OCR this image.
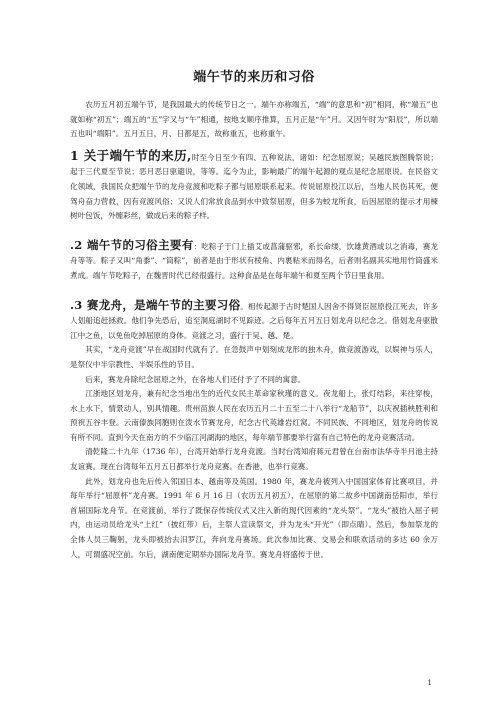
端午节的来历和习俗

农历五月初五端午节，是我国最大的传统节日之一。端午亦称端五，“端”的意思和“初”相同，称“端五”也就如称“初五”；端五的“五”字又与“午”相通，按地支顺序推算，五月正是“午”月。又因午时为“阳辰”，所以端五也叫“端阳”。五月五日，月、日都是五，故称重五，也称重午。

1 关于端午节的来历,时至今日至少有四、五种说法，诸如：纪念屈原说；吴越民族图腾祭说；起于三代夏至节说；恶月恶日驱避说，等等。迄今为止，影响最广的端午起源的观点是纪念屈原说。在民俗文化领域，我国民众把端午节的龙舟竞渡和吃粽子都与屈原联系起来。传说屈原投江以后，当地人民伤其死，便驾舟奋力营救，因有竞渡风俗；又说人们常放食品到水中致祭屈原，但多为蛟龙所食，后因屈原的提示才用楝树叶包饭，外缠彩丝，做成后来的粽子样。

.2 端午节的习俗主要有：吃粽子于门上插艾或菖蒲驱邪，系长命缕，饮雄黄酒或以之消毒，赛龙舟等等。粽子又叫“角黍”、“筒粽”，前者是由于形状有棱角、内裹粘米而得名，后者则名副其实地用竹筒盛米煮成。端午节吃粽子，在魏晋时代已经很盛行。这种食品是在每年端午和夏至两个节日里食用。

.3 赛龙舟，是端午节的主要习俗。相传起源于古时楚国人因舍不得贤臣屈原投江死去，许多人划船追赶拯救。他们争先恐后，追至洞庭湖时不见踪迹。之后每年五月五日划龙舟以纪念之。借划龙舟驱散江中之鱼，以免鱼吃掉屈原的身体。竞渡之习，盛行于吴、越、楚。

其实，“龙舟竞渡”早在战国时代就有了。在急鼓声中划刻成龙形的独木舟，做竞渡游戏，以娱神与乐人，是祭仪中半宗教性、半娱乐性的节目。

后来，赛龙舟除纪念屈原之外，在各地人们还付予了不同的寓意。

江浙地区划龙舟，兼有纪念当地出生的近代女民主革命家秋瑾的意义。夜龙船上，张灯结彩，来往穿梭，水上水下，情景动人，别具情趣。贵州苗族人民在农历五月二十五至二十八举行“龙船节”，以庆祝插秧胜利和预祝五谷丰登。云南傣族同胞则在泼水节赛龙舟，纪念古代英雄岩红窝。不同民族、不同地区，划龙舟的传说有所不同。直到今天在南方的不少临江河湖海的地区，每年端节都要举行富有自己特色的龙舟竞赛活动。

清乾隆二十九年（1736 年），台湾开始举行龙舟竞渡。当时台湾知府蒋元君曾在台南市法华寺半月池主持友谊赛。现在台湾每年五月五日都举行龙舟竞赛。在香港，也举行竞赛。

此外，划龙舟也先后传入邻国日本、越南等及英国。1980 年，赛龙舟被列入中国国家体育比赛项目，并每年举行“屈原杯”龙舟赛。1991 年 6 月 16 日（农历五月初五），在屈原的第二故乡中国湖南岳阳市，举行首届国际龙舟节。在竞渡前，举行了既保存传统仪式又注入新的现代因素的“龙头祭”。“龙头”被抬入屈子祠内，由运动员给龙头“上红”（披红带）后，主祭人宣读祭文，并为龙头“开光”（即点睛）。然后，参加祭龙的全体人员三鞠躬，龙头即被抬去汨罗江，奔向龙舟赛场。此次参加比赛、交易会和联欢活动的多达 60 余万人，可谓盛况空前。尔后，湖南便定期举办国际龙舟节。赛龙舟将盛传于世。

1
